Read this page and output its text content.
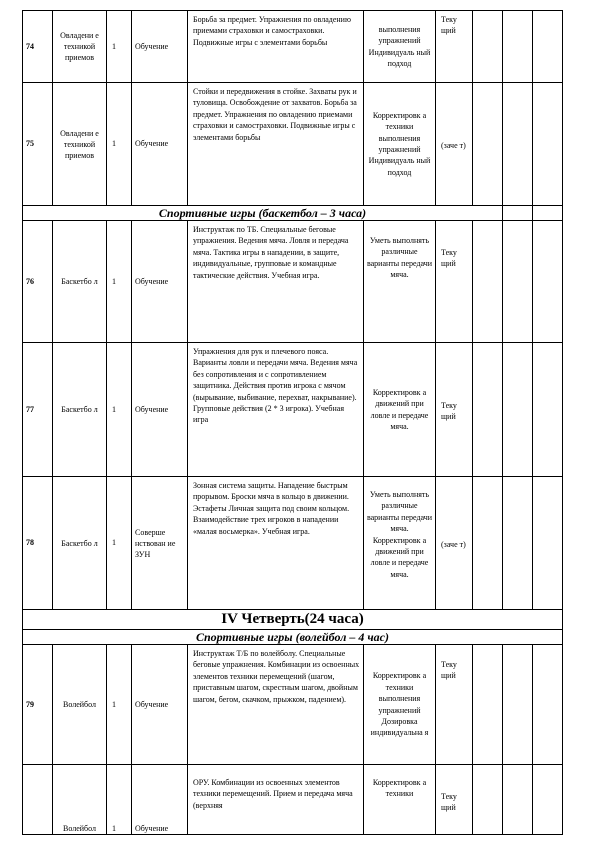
74	Овладени е техникой приемов	1	Обучение	Борьба за предмет. Упражнения по овладению приемами страховки и самостраховки. Подвижные игры с элементами борьбы	выполнения упражнений Индивидуаль ный подход	Теку щий			
75	Овладени е техникой приемов	1	Обучение	Стойки и передвижения в стойке. Захваты рук и туловища. Освобождение от захватов. Борьба за предмет. Упражнения по овладению приемами страховки и самостраховки. Подвижные игры с элементами борьбы	Корректировк а техники выполнения упражнений Индивидуаль ный подход	(заче т)			
Спортивные игры (баскетбол – 3 часа)									
76	Баскетбо л	1	Обучение	Инструктаж по ТБ. Специальные беговые упражнения. Ведения мяча. Ловля и передача мяча. Тактика игры в нападении, в защите, индивидуальные, групповые и командные тактические действия. Учебная игра.	Уметь выполнять различные варианты передачи мяча.	Теку щий			
77	Баскетбо л	1	Обучение	Упражнения для рук и плечевого пояса. Варианты ловли и передачи мяча. Ведения мяча без сопротивления и с сопротивлением защитника. Действия против игрока с мячом (вырывание, выбивание, перехват, накрывание). Групповые действия (2 * 3 игрока). Учебная игра	Корректировк а движений при ловле и передаче мяча.	Теку щий			
78	Баскетбо л	1	Соверше нствован ие ЗУН	Зонная система защиты. Нападение быстрым прорывом. Броски мяча в кольцо в движении. Эстафеты Личная защита под своим кольцом. Взаимодействие трех игроков в нападении «малая восьмерка». Учебная игра.	Уметь выполнять различные варианты передачи мяча. Корректировк а движений при ловле и передаче мяча.	(заче т)			
IV Четверть(24 часа)									
Спортивные игры (волейбол – 4 час)									
79	Волейбол	1	Обучение	Инструктаж Т/Б по волейболу. Специальные беговые упражнения. Комбинации из освоенных элементов техники перемещений (шагом, приставным шагом, скрестным шагом, двойным шагом, бегом, скачком, прыжком, падением).	Корректировк а техники выполнения упражнений Дозировка индивидуальна я	Теку щий			
	Волейбол	1	Обучение	ОРУ. Комбинации из освоенных элементов техники перемещений. Прием и передача мяча (верхняя	Корректировк а техники	Теку щий			
